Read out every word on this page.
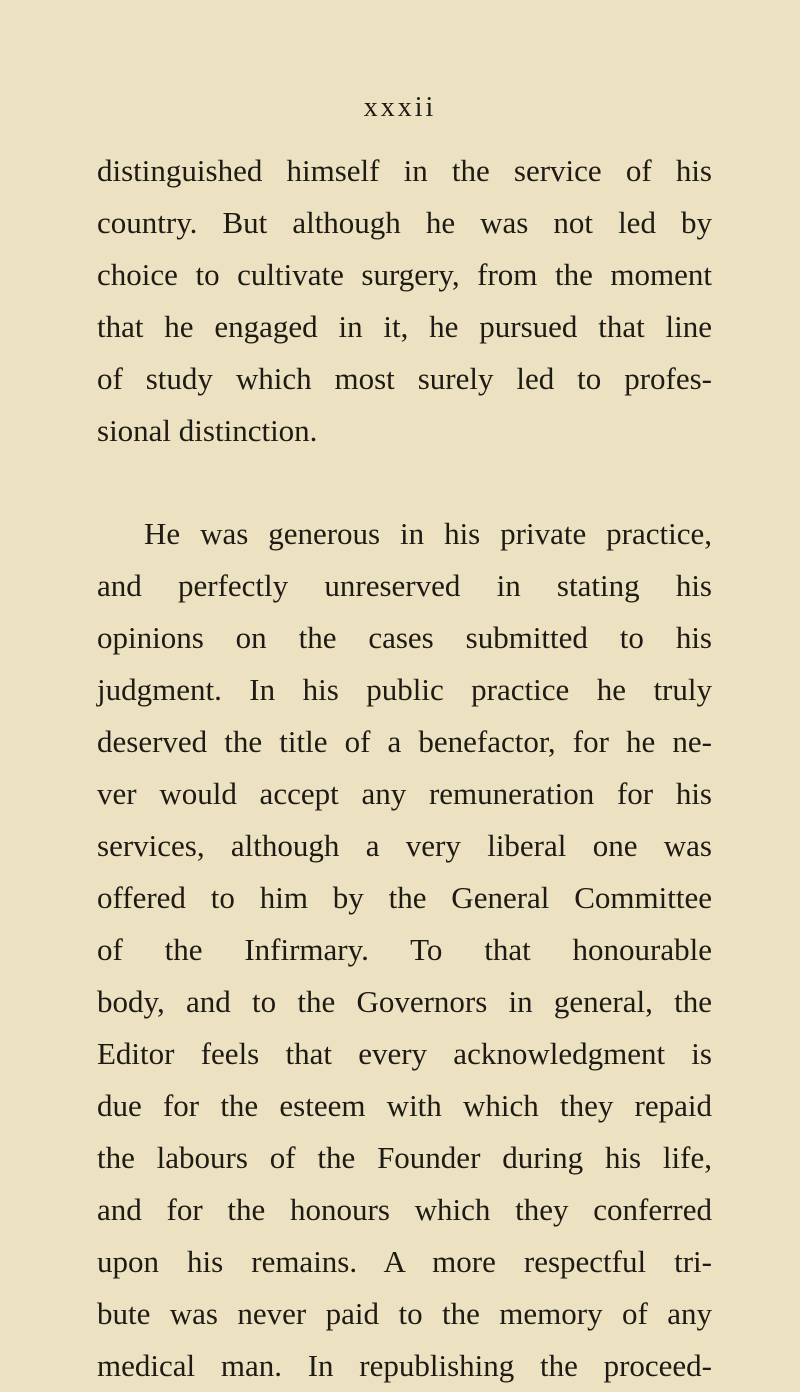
xxxii
distinguished himself in the service of his
country. But although he was not led by
choice to cultivate surgery, from the moment
that he engaged in it, he pursued that line
of study which most surely led to profes-
sional distinction.
He was generous in his private practice,
and perfectly unreserved in stating his
opinions on the cases submitted to his
judgment. In his public practice he truly
deserved the title of a benefactor, for he ne-
ver would accept any remuneration for his
services, although a very liberal one was
offered to him by the General Committee
of the Infirmary. To that honourable
body, and to the Governors in general, the
Editor feels that every acknowledgment is
due for the esteem with which they repaid
the labours of the Founder during his life,
and for the honours which they conferred
upon his remains. A more respectful tri-
bute was never paid to the memory of any
medical man. In republishing the proceed-
